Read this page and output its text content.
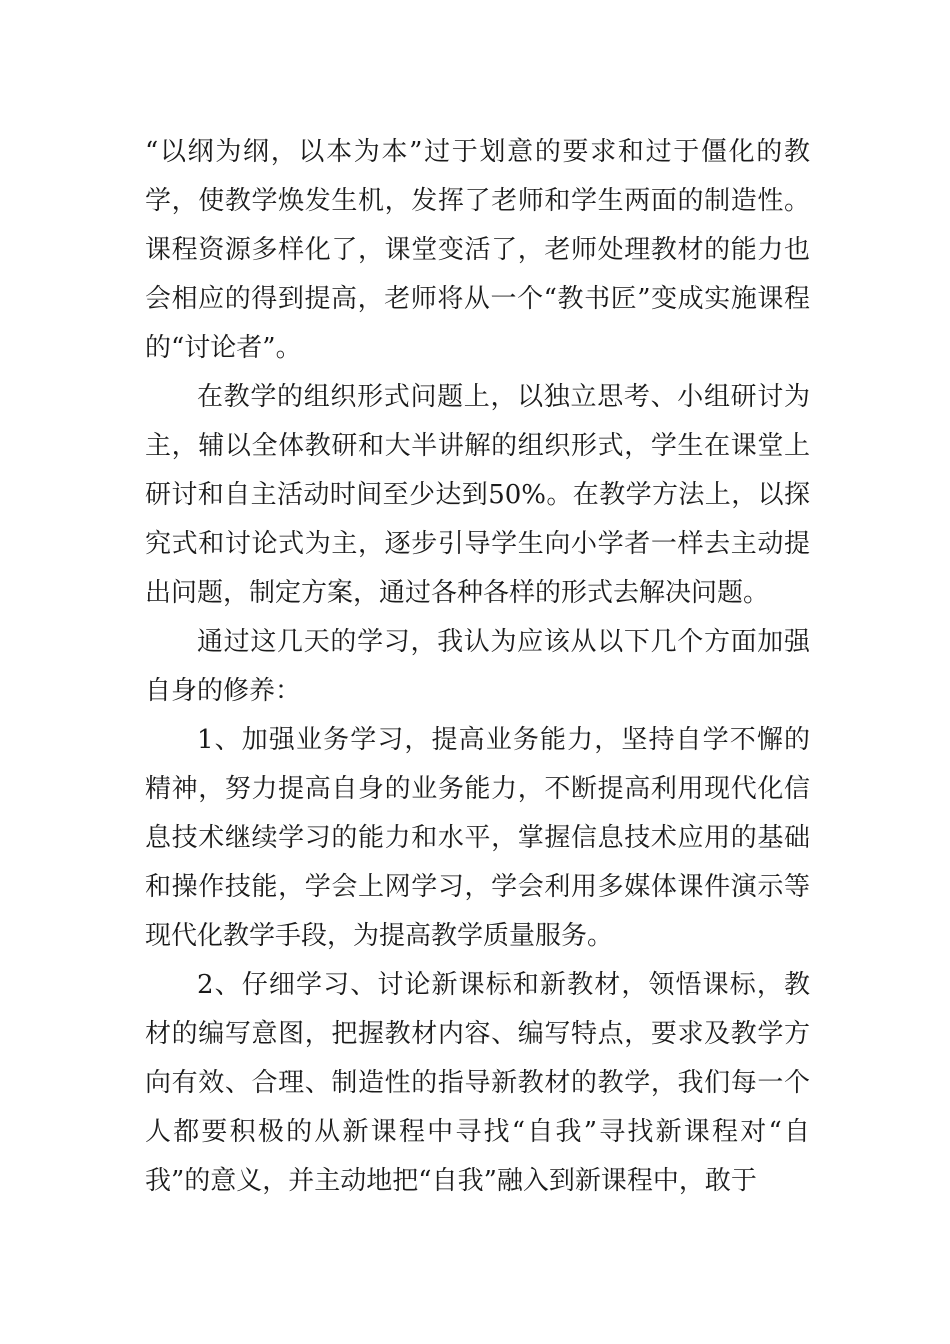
“以纲为纲，以本为本”过于划意的要求和过于僵化的教学，使教学焕发生机，发挥了老师和学生两面的制造性。课程资源多样化了，课堂变活了，老师处理教材的能力也会相应的得到提高，老师将从一个“教书匠”变成实施课程的“讨论者”。

在教学的组织形式问题上，以独立思考、小组研讨为主，辅以全体教研和大半讲解的组织形式，学生在课堂上研讨和自主活动时间至少达到50%。在教学方法上，以探究式和讨论式为主，逐步引导学生向小学者一样去主动提出问题，制定方案，通过各种各样的形式去解决问题。

通过这几天的学习，我认为应该从以下几个方面加强自身的修养：

1、加强业务学习，提高业务能力，坚持自学不懈的精神，努力提高自身的业务能力，不断提高利用现代化信息技术继续学习的能力和水平，掌握信息技术应用的基础和操作技能，学会上网学习，学会利用多媒体课件演示等现代化教学手段，为提高教学质量服务。

2、仔细学习、讨论新课标和新教材，领悟课标，教材的编写意图，把握教材内容、编写特点，要求及教学方向有效、合理、制造性的指导新教材的教学，我们每一个人都要积极的从新课程中寻找“自我”寻找新课程对“自我”的意义，并主动地把“自我”融入到新课程中，敢于
